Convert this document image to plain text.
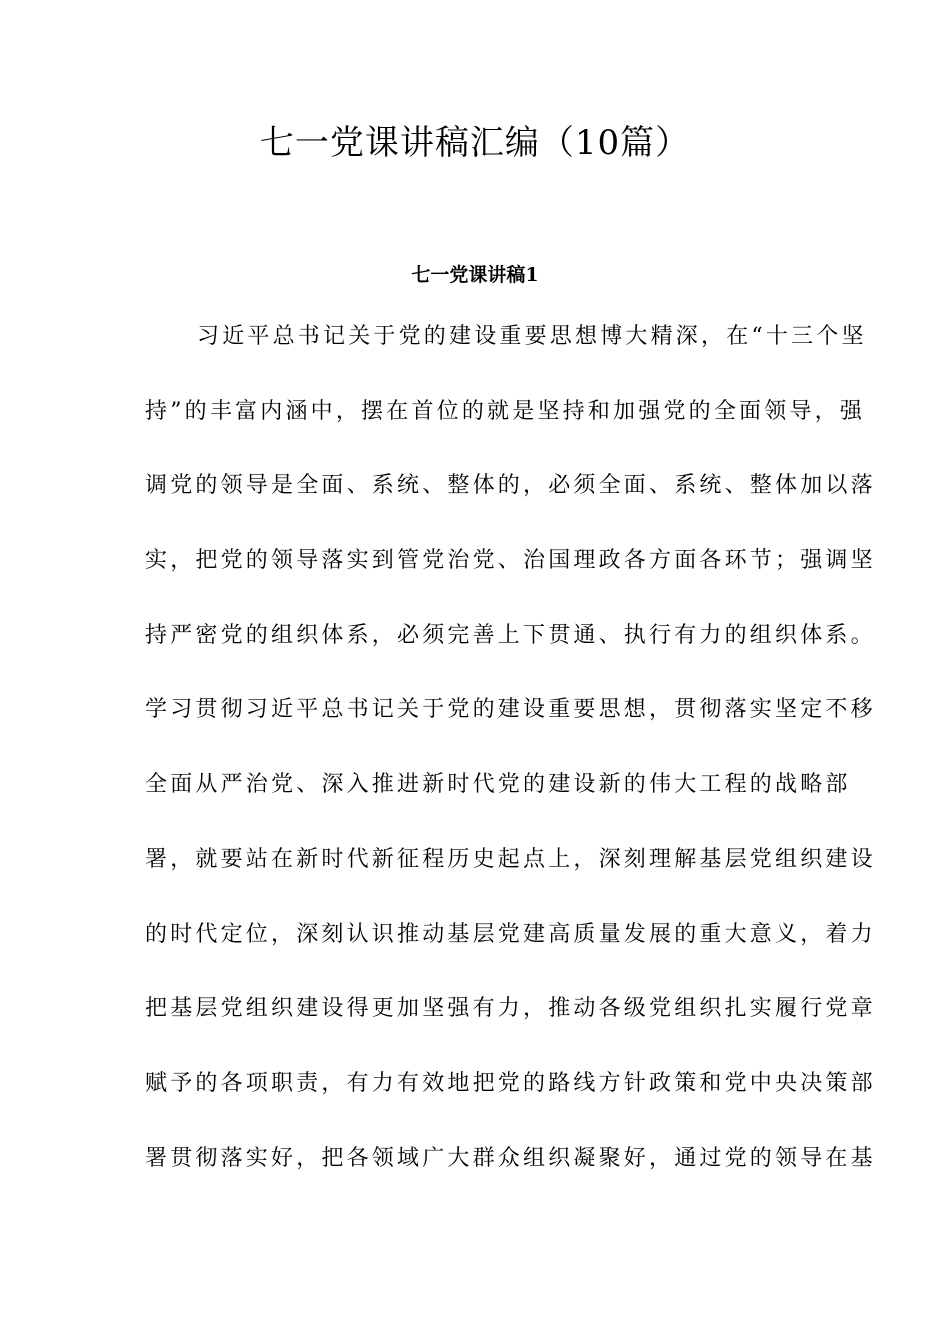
七一党课讲稿汇编（10篇）
七一党课讲稿1
习近平总书记关于党的建设重要思想博大精深，在“十三个坚
持”的丰富内涵中，摆在首位的就是坚持和加强党的全面领导，强
调党的领导是全面、系统、整体的，必须全面、系统、整体加以落
实，把党的领导落实到管党治党、治国理政各方面各环节；强调坚
持严密党的组织体系，必须完善上下贯通、执行有力的组织体系。
学习贯彻习近平总书记关于党的建设重要思想，贯彻落实坚定不移
全面从严治党、深入推进新时代党的建设新的伟大工程的战略部
署，就要站在新时代新征程历史起点上，深刻理解基层党组织建设
的时代定位，深刻认识推动基层党建高质量发展的重大意义，着力
把基层党组织建设得更加坚强有力，推动各级党组织扎实履行党章
赋予的各项职责，有力有效地把党的路线方针政策和党中央决策部
署贯彻落实好，把各领域广大群众组织凝聚好，通过党的领导在基
